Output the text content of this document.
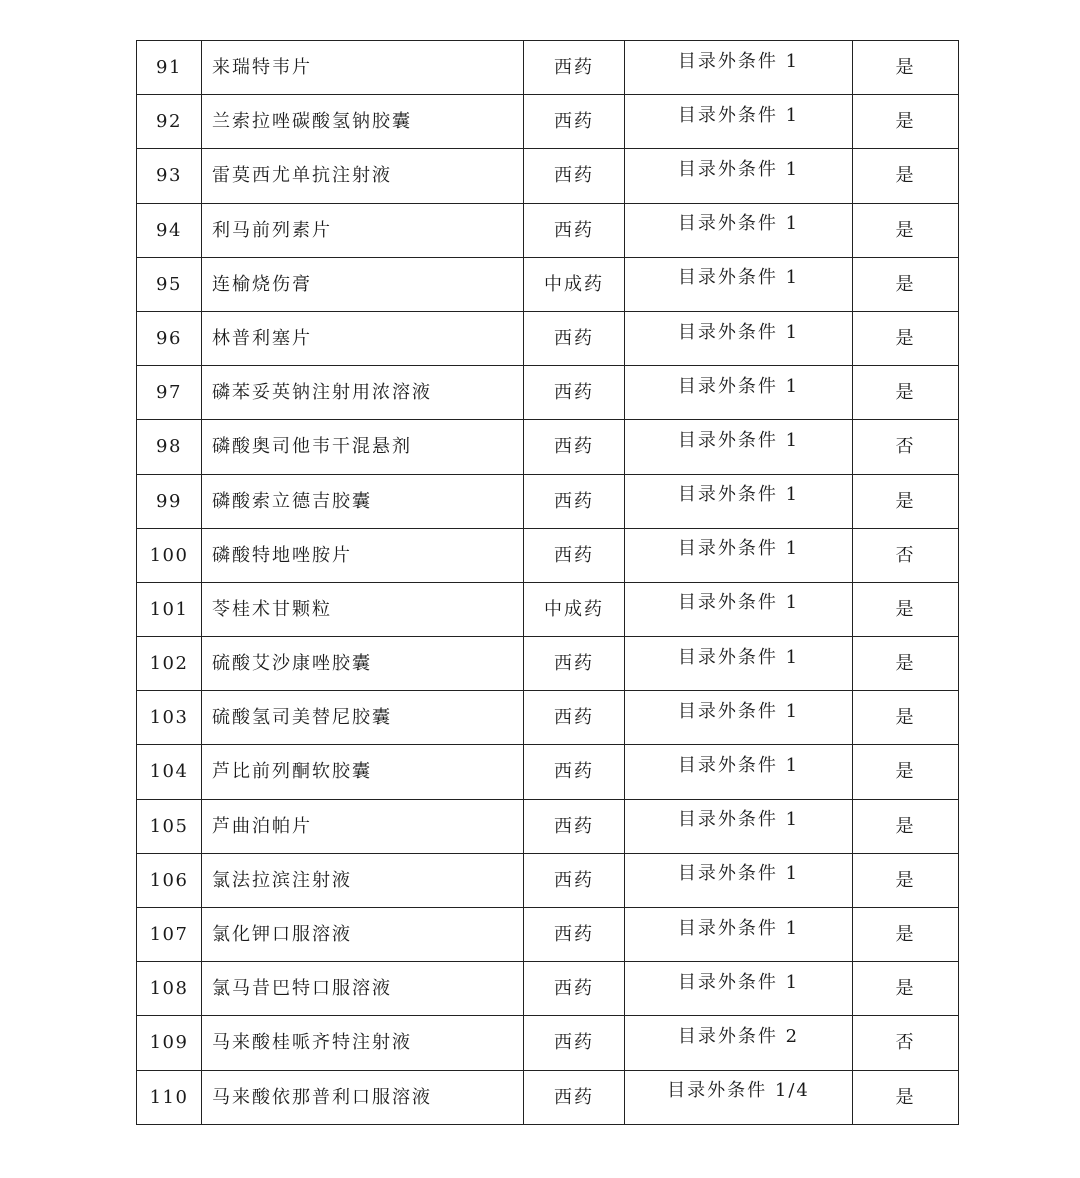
91	来瑞特韦片	西药	目录外条件 1	是

92	兰索拉唑碳酸氢钠胶囊	西药	目录外条件 1	是

93	雷莫西尤单抗注射液	西药	目录外条件 1	是

94	利马前列素片	西药	目录外条件 1	是

95	连榆烧伤膏	中成药	目录外条件 1	是

96	林普利塞片	西药	目录外条件 1	是

97	磷苯妥英钠注射用浓溶液	西药	目录外条件 1	是

98	磷酸奥司他韦干混悬剂	西药	目录外条件 1	否

99	磷酸索立德吉胶囊	西药	目录外条件 1	是

100	磷酸特地唑胺片	西药	目录外条件 1	否

101	苓桂术甘颗粒	中成药	目录外条件 1	是

102	硫酸艾沙康唑胶囊	西药	目录外条件 1	是

103	硫酸氢司美替尼胶囊	西药	目录外条件 1	是

104	芦比前列酮软胶囊	西药	目录外条件 1	是

105	芦曲泊帕片	西药	目录外条件 1	是

106	氯法拉滨注射液	西药	目录外条件 1	是

107	氯化钾口服溶液	西药	目录外条件 1	是

108	氯马昔巴特口服溶液	西药	目录外条件 1	是

109	马来酸桂哌齐特注射液	西药	目录外条件 2	否

110	马来酸依那普利口服溶液	西药	目录外条件 1/4	是
